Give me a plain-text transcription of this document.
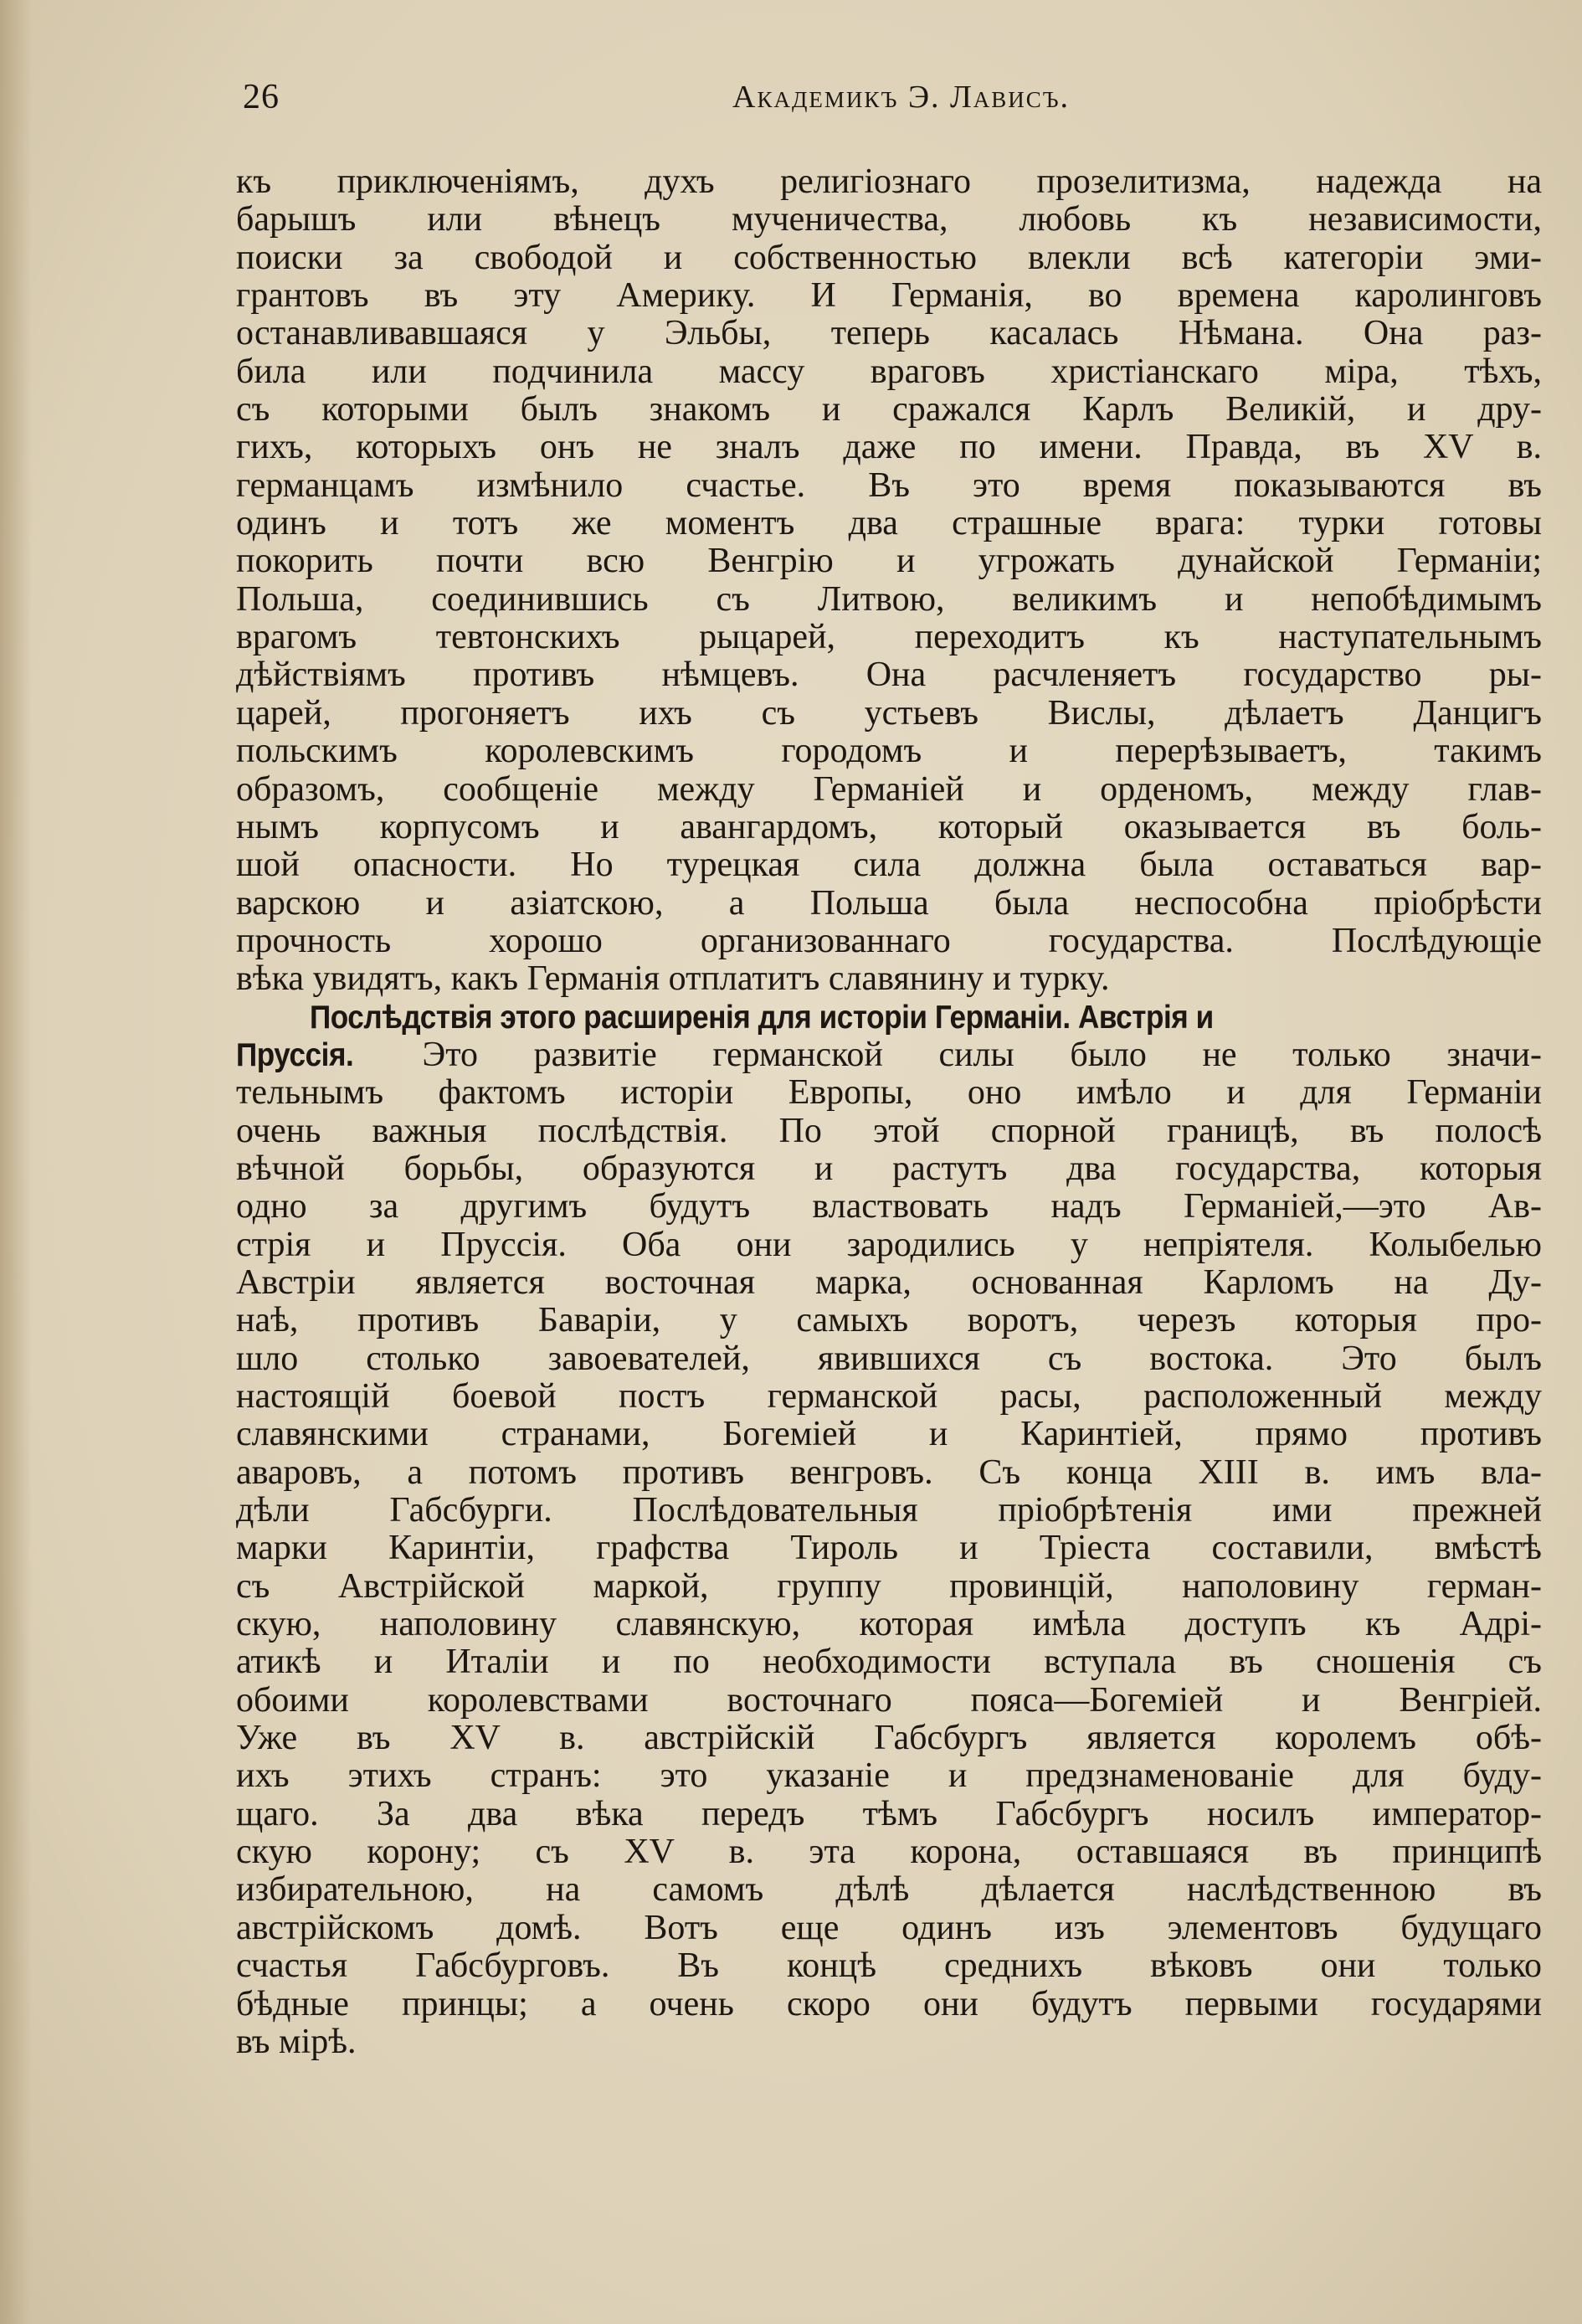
26	Академикъ Э. Лависъ.
къ приключеніямъ, духъ религіознаго прозелитизма, надежда на
барышъ или вѣнецъ мученичества, любовь къ независимости,
поиски за свободой и собственностью влекли всѣ категоріи эми-
грантовъ въ эту Америку. И Германія, во времена каролинговъ
останавливавшаяся у Эльбы, теперь касалась Нѣмана. Она раз-
била или подчинила массу враговъ христіанскаго міра, тѣхъ,
съ которыми былъ знакомъ и сражался Карлъ Великій, и дру-
гихъ, которыхъ онъ не зналъ даже по имени. Правда, въ XV в.
германцамъ измѣнило счастье. Въ это время показываются въ
одинъ и тотъ же моментъ два страшные врага: турки готовы
покорить почти всю Венгрію и угрожать дунайской Германіи;
Польша, соединившись съ Литвою, великимъ и непобѣдимымъ
врагомъ тевтонскихъ рыцарей, переходитъ къ наступательнымъ
дѣйствіямъ противъ нѣмцевъ. Она расчленяетъ государство ры-
царей, прогоняетъ ихъ съ устьевъ Вислы, дѣлаетъ Данцигъ
польскимъ королевскимъ городомъ и перерѣзываетъ, такимъ
образомъ, сообщеніе между Германіей и орденомъ, между глав-
нымъ корпусомъ и авангардомъ, который оказывается въ боль-
шой опасности. Но турецкая сила должна была оставаться вар-
варскою и азіатскою, а Польша была неспособна пріобрѣсти
прочность хорошо организованнаго государства. Послѣдующіе
вѣка увидятъ, какъ Германія отплатитъ славянину и турку.
Послѣдствія этого расширенія для исторіи Германіи. Австрія и
Пруссія. Это развитіе германской силы было не только значи-
тельнымъ фактомъ исторіи Европы, оно имѣло и для Германіи
очень важныя послѣдствія. По этой спорной границѣ, въ полосѣ
вѣчной борьбы, образуются и растутъ два государства, которыя
одно за другимъ будутъ властвовать надъ Германіей,—это Ав-
стрія и Пруссія. Оба они зародились у непріятеля. Колыбелью
Австріи является восточная марка, основанная Карломъ на Ду-
наѣ, противъ Баваріи, у самыхъ воротъ, черезъ которыя про-
шло столько завоевателей, явившихся съ востока. Это былъ
настоящій боевой постъ германской расы, расположенный между
славянскими странами, Богеміей и Каринтіей, прямо противъ
аваровъ, а потомъ противъ венгровъ. Съ конца XIII в. имъ вла-
дѣли Габсбурги. Послѣдовательныя пріобрѣтенія ими прежней
марки Каринтіи, графства Тироль и Тріеста составили, вмѣстѣ
съ Австрійской маркой, группу провинцій, наполовину герман-
скую, наполовину славянскую, которая имѣла доступъ къ Адрі-
атикѣ и Италіи и по необходимости вступала въ сношенія съ
обоими королевствами восточнаго пояса—Богеміей и Венгріей.
Уже въ XV в. австрійскій Габсбургъ является королемъ обѣ-
ихъ этихъ странъ: это указаніе и предзнаменованіе для буду-
щаго. За два вѣка передъ тѣмъ Габсбургъ носилъ император-
скую корону; съ XV в. эта корона, оставшаяся въ принципѣ
избирательною, на самомъ дѣлѣ дѣлается наслѣдственною въ
австрійскомъ домѣ. Вотъ еще одинъ изъ элементовъ будущаго
счастья Габсбурговъ. Въ концѣ среднихъ вѣковъ они только
бѣдные принцы; а очень скоро они будутъ первыми государями
въ мірѣ.
